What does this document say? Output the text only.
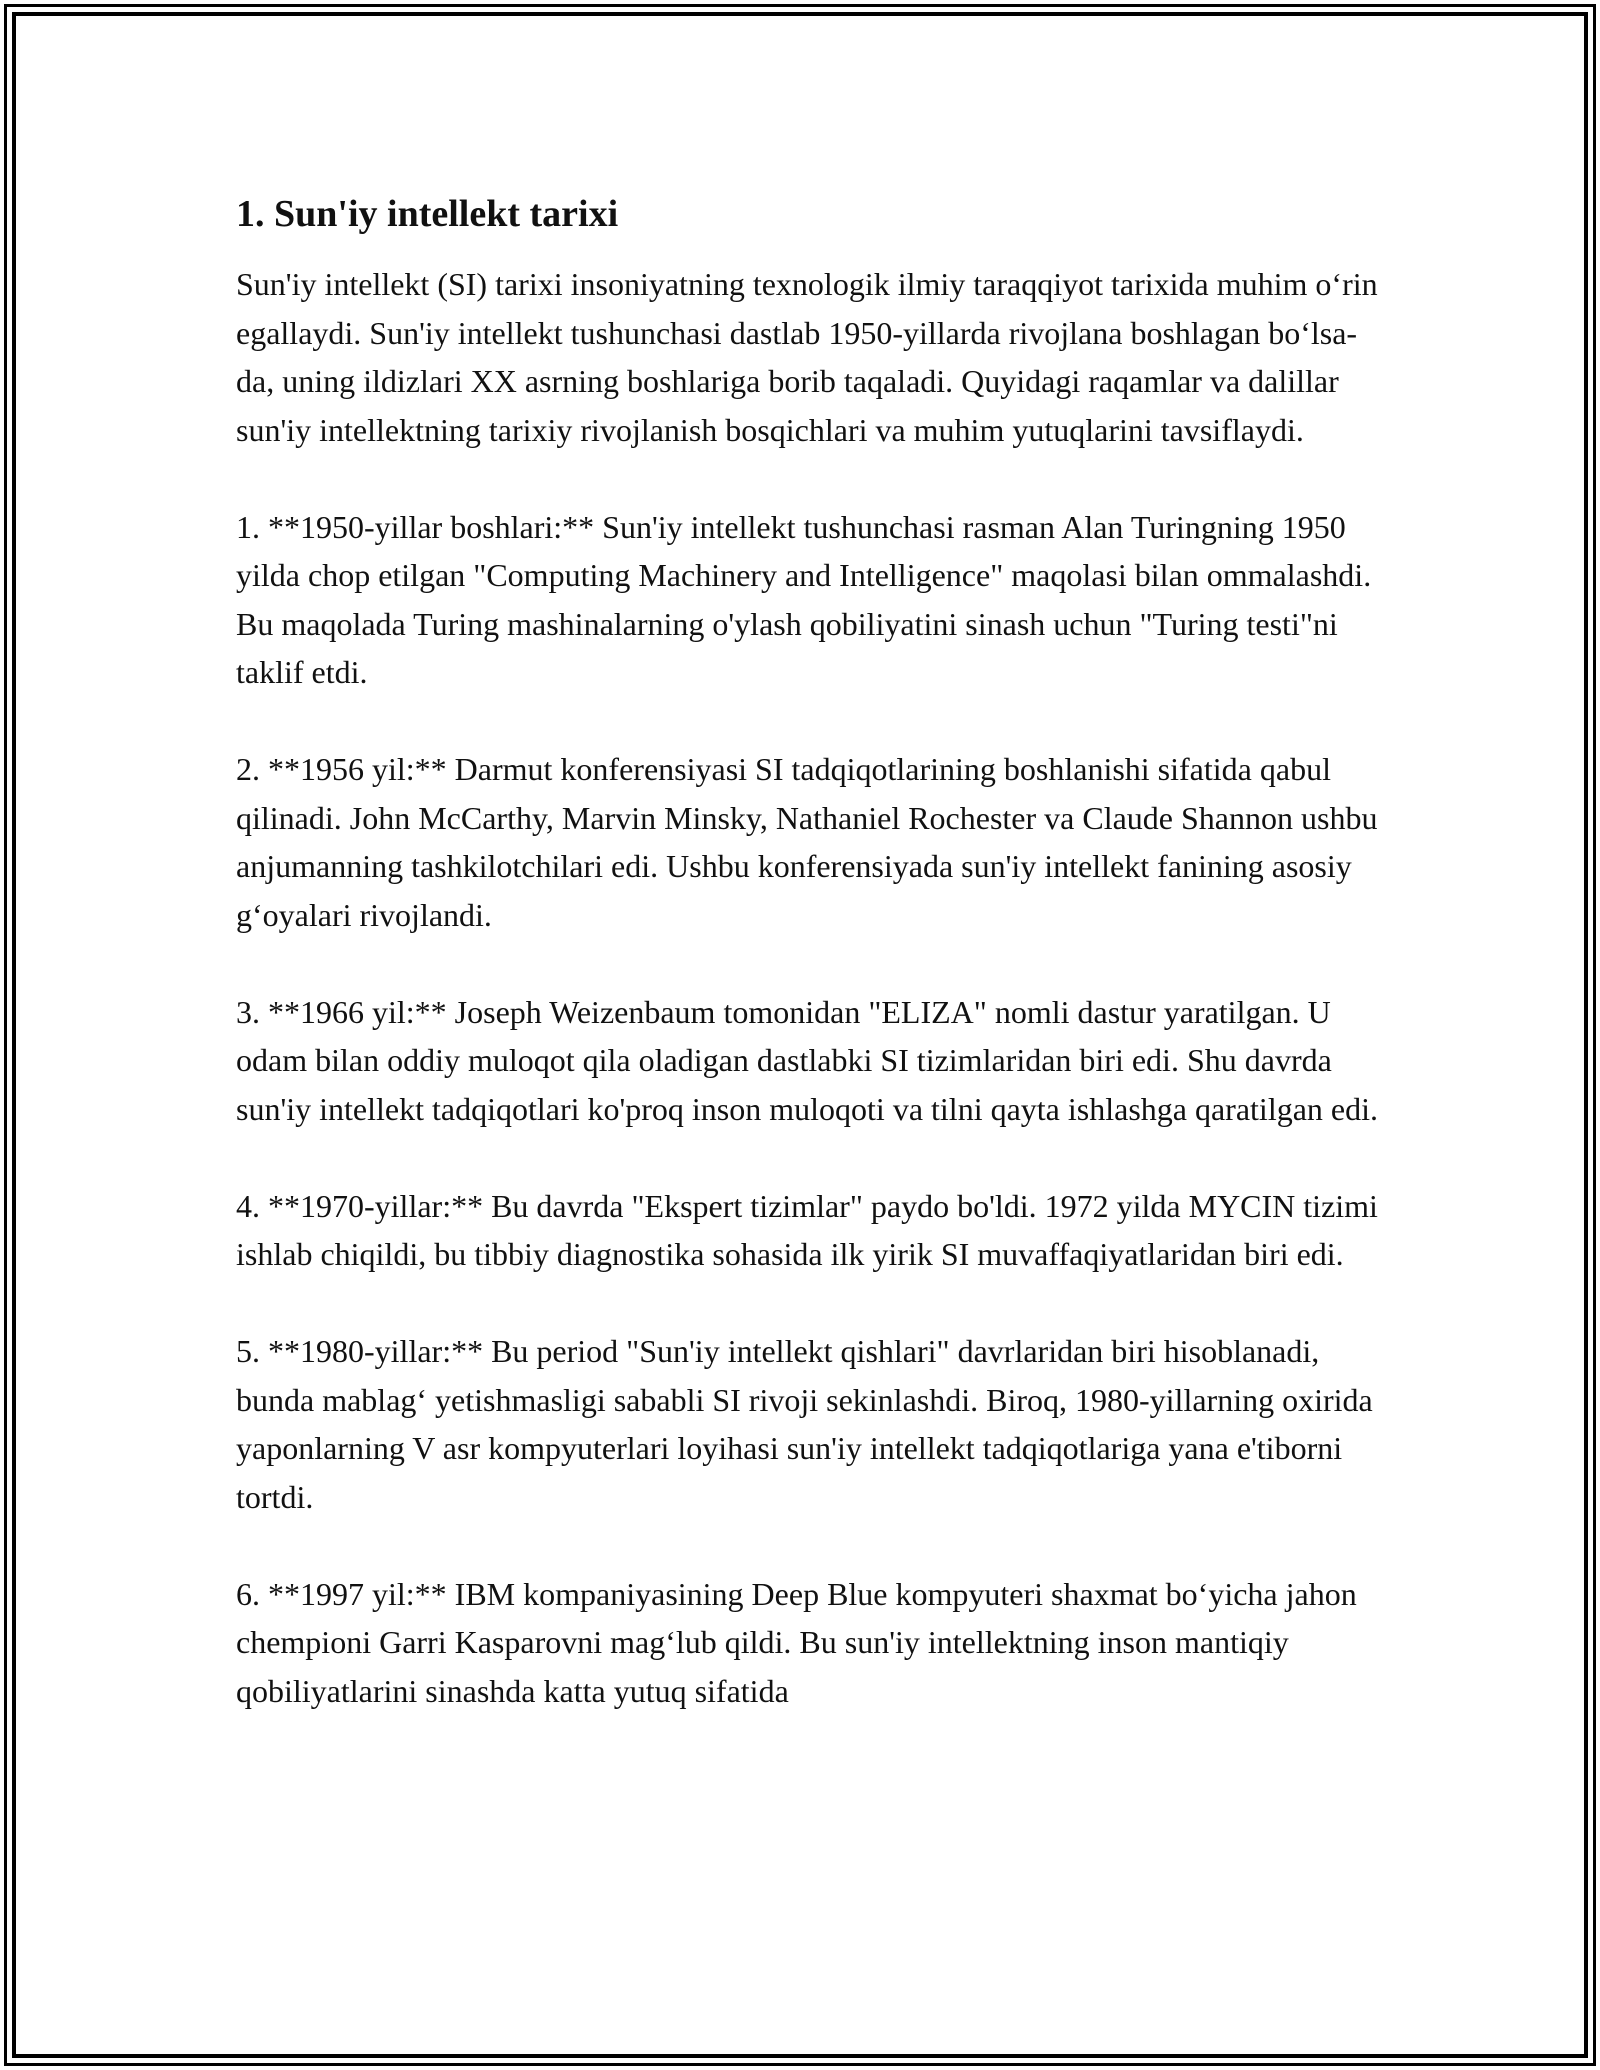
1. Sun'iy intellekt tarixi

Sun'iy intellekt (SI) tarixi insoniyatning texnologik ilmiy taraqqiyot tarixida muhim o‘rin egallaydi. Sun'iy intellekt tushunchasi dastlab 1950-yillarda rivojlana boshlagan bo‘lsa-da, uning ildizlari XX asrning boshlariga borib taqaladi. Quyidagi raqamlar va dalillar sun'iy intellektning tarixiy rivojlanish bosqichlari va muhim yutuqlarini tavsiflaydi.

1. **1950-yillar boshlari:** Sun'iy intellekt tushunchasi rasman Alan Turingning 1950 yilda chop etilgan "Computing Machinery and Intelligence" maqolasi bilan ommalashdi. Bu maqolada Turing mashinalarning o'ylash qobiliyatini sinash uchun "Turing testi"ni taklif etdi.

2. **1956 yil:** Darmut konferensiyasi SI tadqiqotlarining boshlanishi sifatida qabul qilinadi. John McCarthy, Marvin Minsky, Nathaniel Rochester va Claude Shannon ushbu anjumanning tashkilotchilari edi. Ushbu konferensiyada sun'iy intellekt fanining asosiy g‘oyalari rivojlandi.

3. **1966 yil:** Joseph Weizenbaum tomonidan "ELIZA" nomli dastur yaratilgan. U odam bilan oddiy muloqot qila oladigan dastlabki SI tizimlaridan biri edi. Shu davrda sun'iy intellekt tadqiqotlari ko'proq inson muloqoti va tilni qayta ishlashga qaratilgan edi.

4. **1970-yillar:** Bu davrda "Ekspert tizimlar" paydo bo'ldi. 1972 yilda MYCIN tizimi ishlab chiqildi, bu tibbiy diagnostika sohasida ilk yirik SI muvaffaqiyatlaridan biri edi.

5. **1980-yillar:** Bu period "Sun'iy intellekt qishlari" davrlaridan biri hisoblanadi, bunda mablag‘ yetishmasligi sababli SI rivoji sekinlashdi. Biroq, 1980-yillarning oxirida yaponlarning V asr kompyuterlari loyihasi sun'iy intellekt tadqiqotlariga yana e'tiborni tortdi.

6. **1997 yil:** IBM kompaniyasining Deep Blue kompyuteri shaxmat bo‘yicha jahon chempioni Garri Kasparovni mag‘lub qildi. Bu sun'iy intellektning inson mantiqiy qobiliyatlarini sinashda katta yutuq sifatida
